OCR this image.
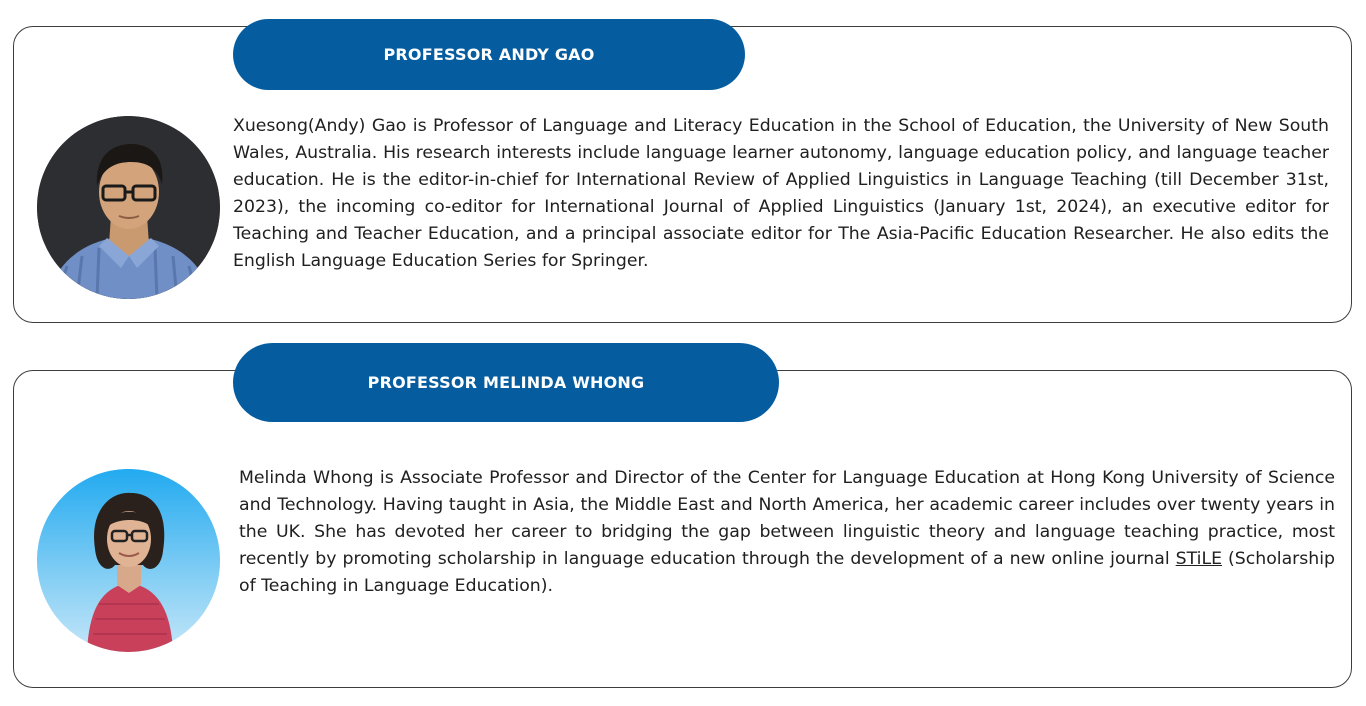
PROFESSOR ANDY GAO
Xuesong(Andy) Gao is Professor of Language and Literacy Education in the School of Education, the University of New South Wales, Australia. His research interests include language learner autonomy, language education policy, and language teacher education. He is the editor-in-chief for International Review of Applied Linguistics in Language Teaching (till December 31st, 2023), the incoming co-editor for International Journal of Applied Linguistics (January 1st, 2024), an executive editor for Teaching and Teacher Education, and a principal associate editor for The Asia-Pacific Education Researcher. He also edits the English Language Education Series for Springer.
PROFESSOR MELINDA WHONG
Melinda Whong is Associate Professor and Director of the Center for Language Education at Hong Kong University of Science and Technology. Having taught in Asia, the Middle East and North America, her academic career includes over twenty years in the UK. She has devoted her career to bridging the gap between linguistic theory and language teaching practice, most recently by promoting scholarship in language education through the development of a new online journal STiLE (Scholarship of Teaching in Language Education).
